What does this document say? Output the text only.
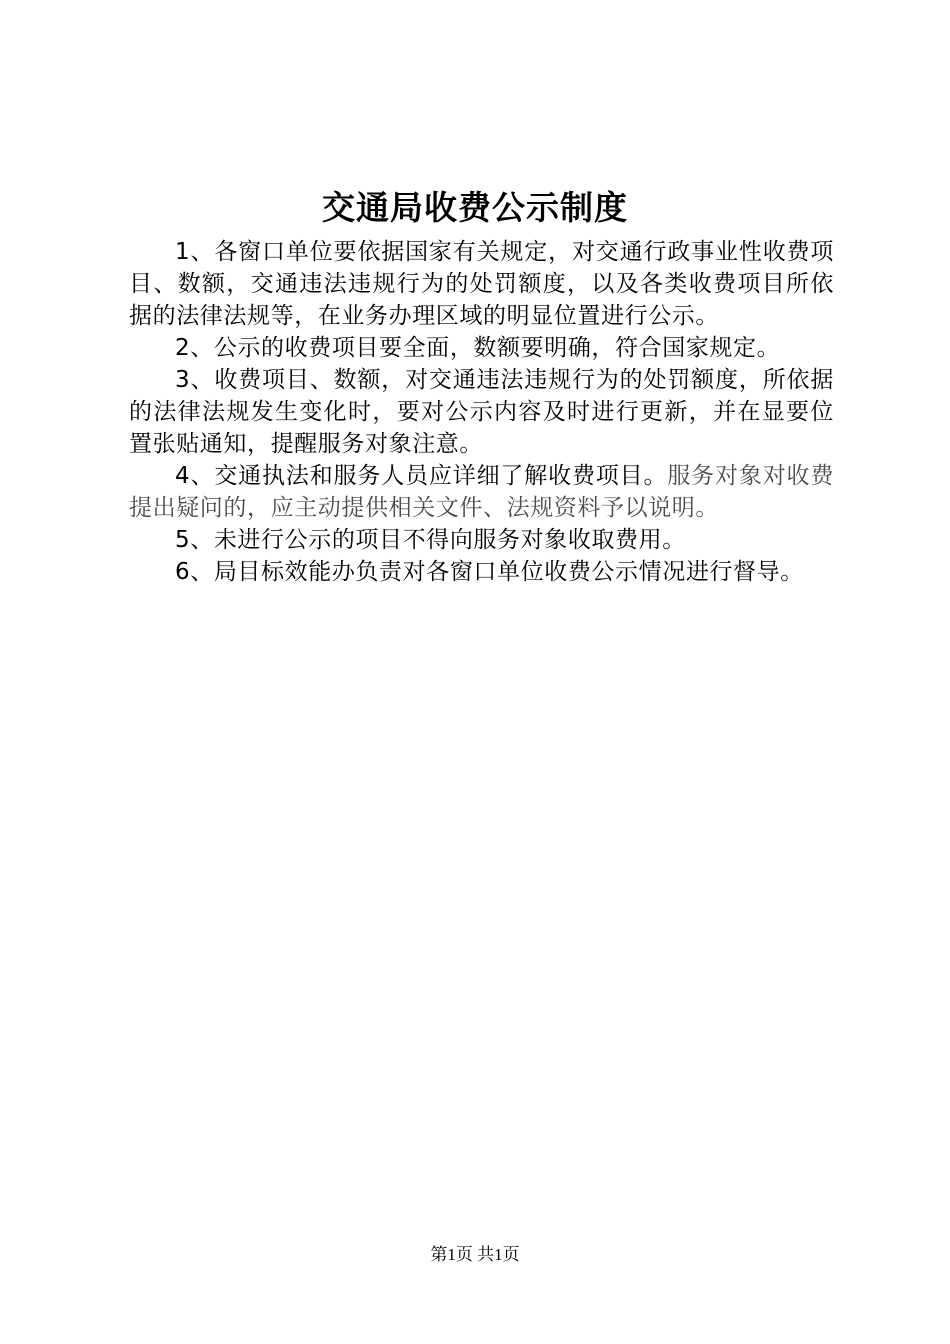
交通局收费公示制度

1、各窗口单位要依据国家有关规定，对交通行政事业性收费项目、数额，交通违法违规行为的处罚额度，以及各类收费项目所依据的法律法规等，在业务办理区域的明显位置进行公示。

2、公示的收费项目要全面，数额要明确，符合国家规定。

3、收费项目、数额，对交通违法违规行为的处罚额度，所依据的法律法规发生变化时，要对公示内容及时进行更新，并在显要位置张贴通知，提醒服务对象注意。

4、交通执法和服务人员应详细了解收费项目。服务对象对收费提出疑问的，应主动提供相关文件、法规资料予以说明。

5、未进行公示的项目不得向服务对象收取费用。

6、局目标效能办负责对各窗口单位收费公示情况进行督导。

第1页 共1页
